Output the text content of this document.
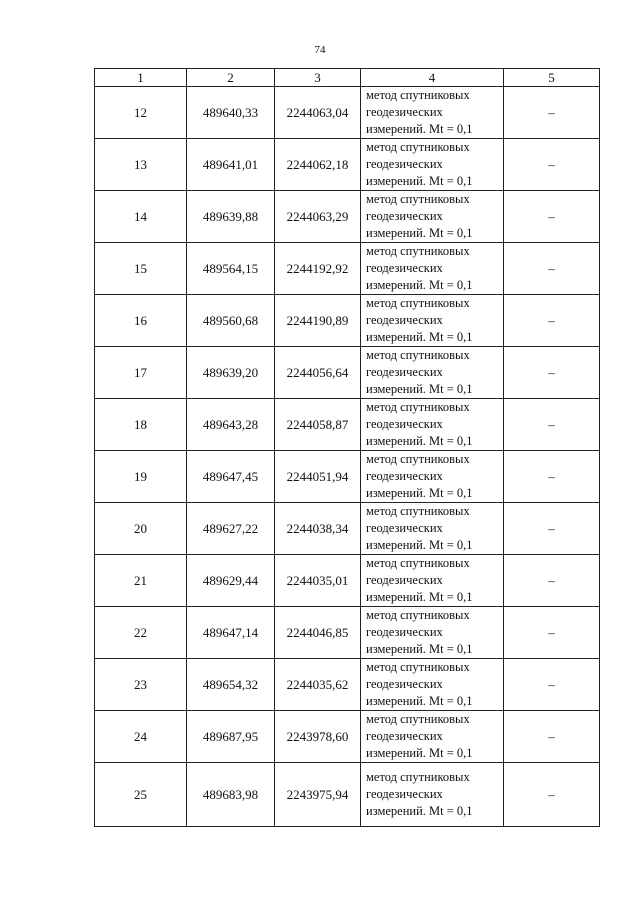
74
1	2	3	4	5
12	489640,33	2244063,04	метод спутниковых
геодезических
измерений. Mt = 0,1	–
13	489641,01	2244062,18	метод спутниковых
геодезических
измерений. Mt = 0,1	–
14	489639,88	2244063,29	метод спутниковых
геодезических
измерений. Mt = 0,1	–
15	489564,15	2244192,92	метод спутниковых
геодезических
измерений. Mt = 0,1	–
16	489560,68	2244190,89	метод спутниковых
геодезических
измерений. Mt = 0,1	–
17	489639,20	2244056,64	метод спутниковых
геодезических
измерений. Mt = 0,1	–
18	489643,28	2244058,87	метод спутниковых
геодезических
измерений. Mt = 0,1	–
19	489647,45	2244051,94	метод спутниковых
геодезических
измерений. Mt = 0,1	–
20	489627,22	2244038,34	метод спутниковых
геодезических
измерений. Mt = 0,1	–
21	489629,44	2244035,01	метод спутниковых
геодезических
измерений. Mt = 0,1	–
22	489647,14	2244046,85	метод спутниковых
геодезических
измерений. Mt = 0,1	–
23	489654,32	2244035,62	метод спутниковых
геодезических
измерений. Mt = 0,1	–
24	489687,95	2243978,60	метод спутниковых
геодезических
измерений. Mt = 0,1	–
25	489683,98	2243975,94	метод спутниковых
геодезических
измерений. Mt = 0,1	–
